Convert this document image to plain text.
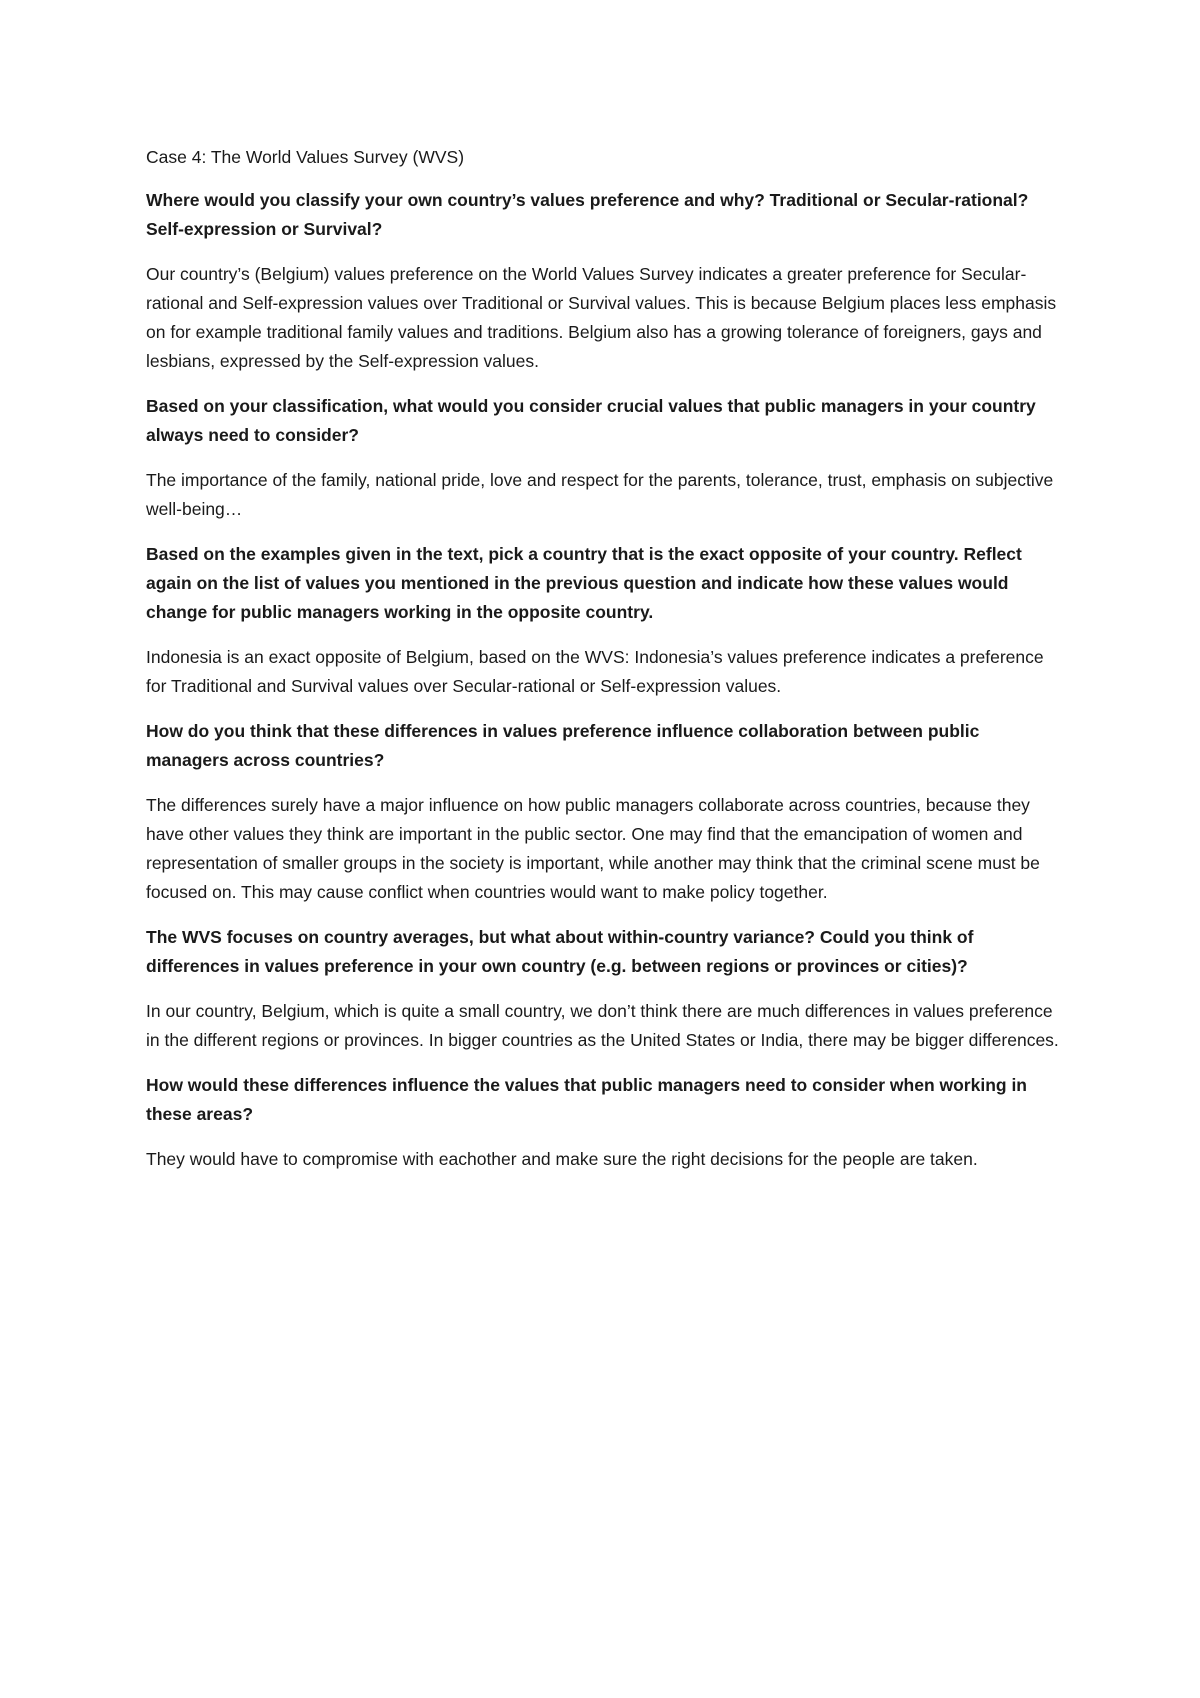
Case 4: The World Values Survey (WVS)

Where would you classify your own country’s values preference and why? Traditional or Secular-rational? Self-expression or Survival?

Our country’s (Belgium) values preference on the World Values Survey indicates a greater preference for Secular-rational and Self-expression values over Traditional or Survival values. This is because Belgium places less emphasis on for example traditional family values and traditions. Belgium also has a growing tolerance of foreigners, gays and lesbians, expressed by the Self-expression values.

Based on your classification, what would you consider crucial values that public managers in your country always need to consider?

The importance of the family, national pride, love and respect for the parents, tolerance, trust, emphasis on subjective well-being…

Based on the examples given in the text, pick a country that is the exact opposite of your country. Reflect again on the list of values you mentioned in the previous question and indicate how these values would change for public managers working in the opposite country.

Indonesia is an exact opposite of Belgium, based on the WVS: Indonesia’s values preference indicates a preference for Traditional and Survival values over Secular-rational or Self-expression values.

How do you think that these differences in values preference influence collaboration between public managers across countries?

The differences surely have a major influence on how public managers collaborate across countries, because they have other values they think are important in the public sector. One may find that the emancipation of women and representation of smaller groups in the society is important, while another may think that the criminal scene must be focused on. This may cause conflict when countries would want to make policy together.

The WVS focuses on country averages, but what about within-country variance? Could you think of differences in values preference in your own country (e.g. between regions or provinces or cities)?

In our country, Belgium, which is quite a small country, we don’t think there are much differences in values preference in the different regions or provinces. In bigger countries as the United States or India, there may be bigger differences.

How would these differences influence the values that public managers need to consider when working in these areas?

They would have to compromise with eachother and make sure the right decisions for the people are taken.
